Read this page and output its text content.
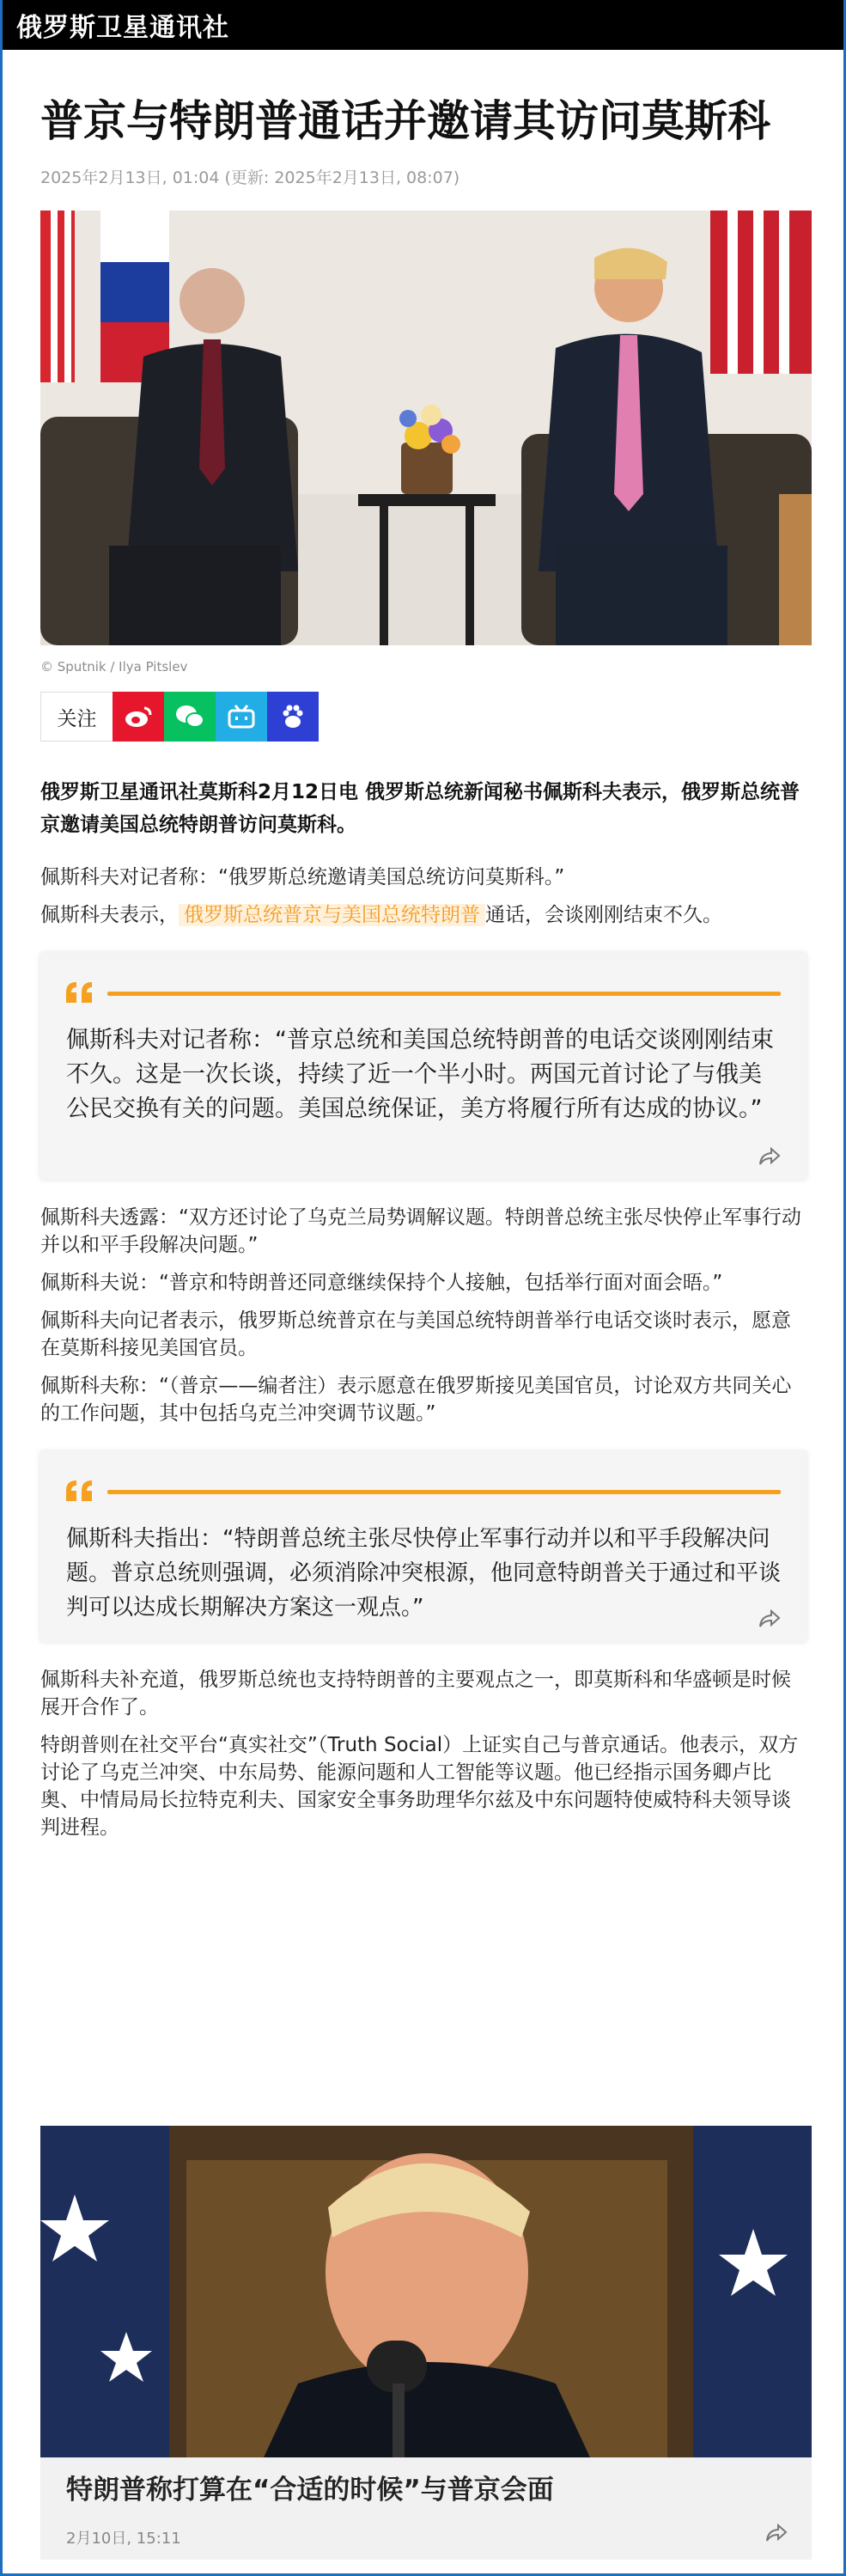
俄罗斯卫星通讯社
普京与特朗普通话并邀请其访问莫斯科
2025年2月13日, 01:04 (更新: 2025年2月13日, 08:07)
© Sputnik / Ilya Pitslev
关注
俄罗斯卫星通讯社莫斯科2月12日电 俄罗斯总统新闻秘书佩斯科夫表示，俄罗斯总统普京邀请美国总统特朗普访问莫斯科。

佩斯科夫对记者称：“俄罗斯总统邀请美国总统访问莫斯科。”

佩斯科夫表示， 俄罗斯总统普京与美国总统特朗普 通话，会谈刚刚结束不久。

佩斯科夫对记者称：“普京总统和美国总统特朗普的电话交谈刚刚结束不久。这是一次长谈，持续了近一个半小时。两国元首讨论了与俄美公民交换有关的问题。美国总统保证，美方将履行所有达成的协议。”

佩斯科夫透露：“双方还讨论了乌克兰局势调解议题。特朗普总统主张尽快停止军事行动并以和平手段解决问题。”

佩斯科夫说：“普京和特朗普还同意继续保持个人接触，包括举行面对面会晤。”

佩斯科夫向记者表示，俄罗斯总统普京在与美国总统特朗普举行电话交谈时表示，愿意在莫斯科接见美国官员。

佩斯科夫称：“（普京——编者注）表示愿意在俄罗斯接见美国官员，讨论双方共同关心的工作问题，其中包括乌克兰冲突调节议题。”

佩斯科夫指出：“特朗普总统主张尽快停止军事行动并以和平手段解决问题。普京总统则强调，必须消除冲突根源，他同意特朗普关于通过和平谈判可以达成长期解决方案这一观点。”

佩斯科夫补充道，俄罗斯总统也支持特朗普的主要观点之一，即莫斯科和华盛顿是时候展开合作了。

特朗普则在社交平台“真实社交”（Truth Social）上证实自己与普京通话。他表示，双方讨论了乌克兰冲突、中东局势、能源问题和人工智能等议题。他已经指示国务卿卢比奥、中情局局长拉特克利夫、国家安全事务助理华尔兹及中东问题特使威特科夫领导谈判进程。

特朗普称打算在“合适的时候”与普京会面
2月10日, 15:11
